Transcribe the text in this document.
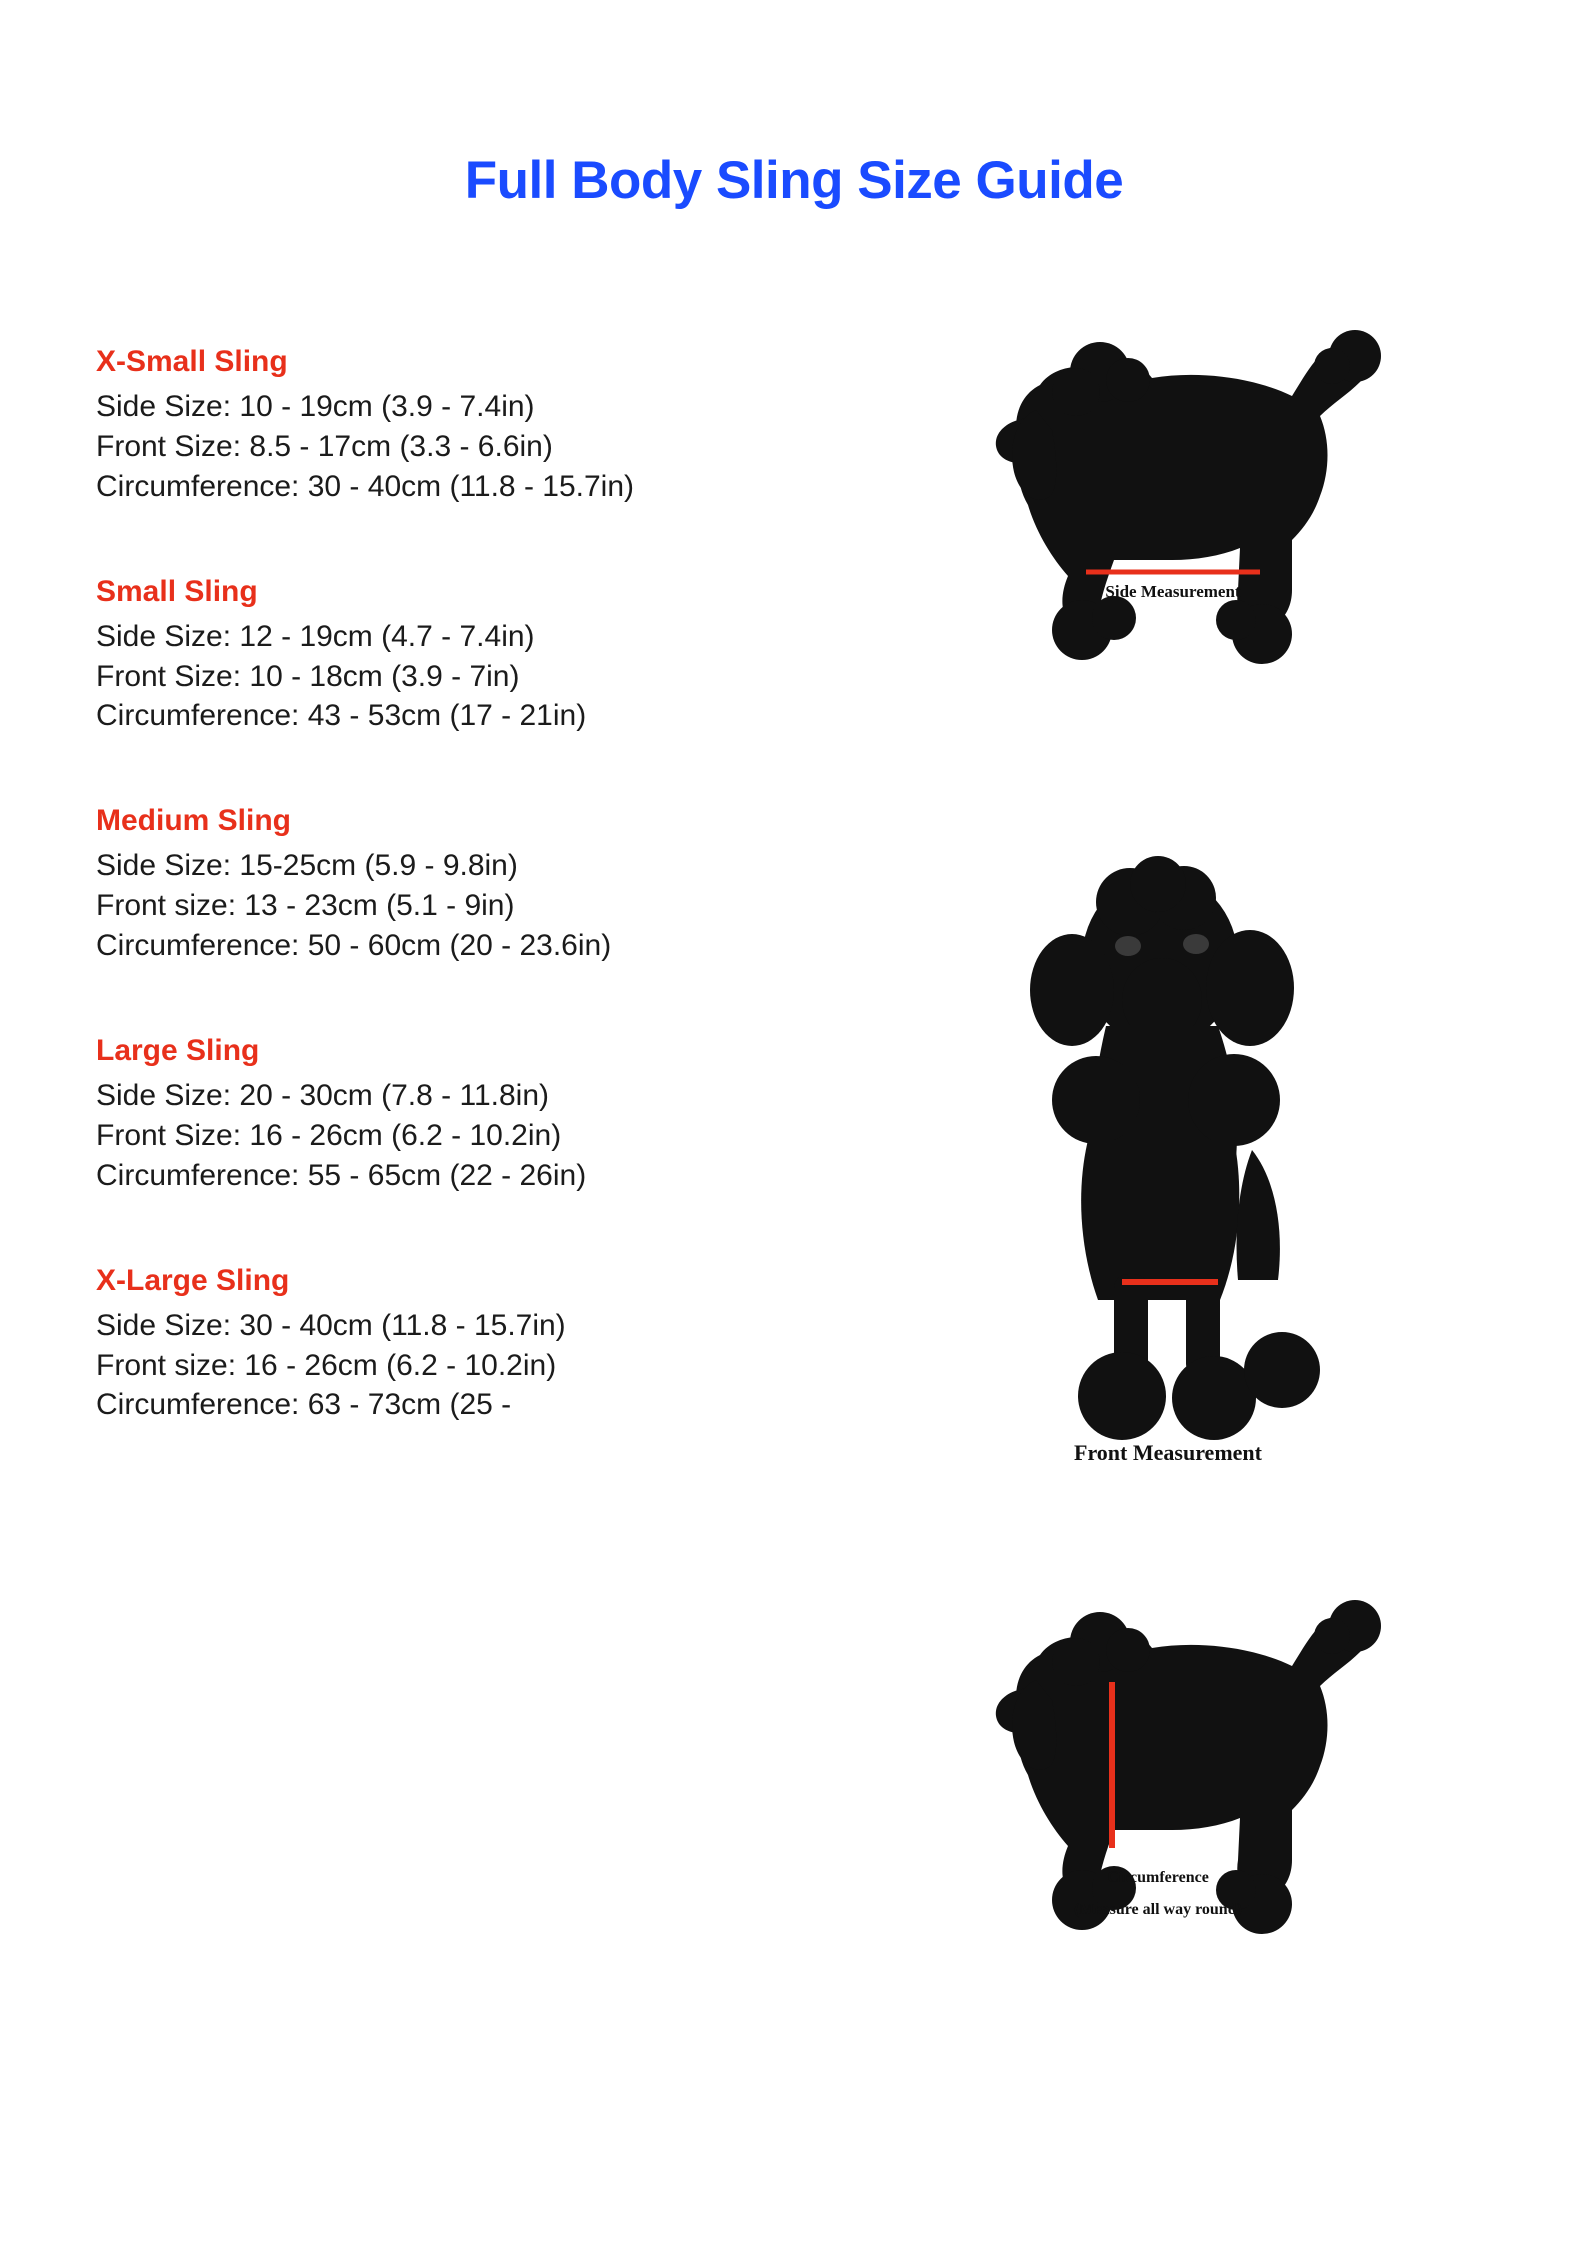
Full Body Sling Size Guide
X-Small Sling
Side Size: 10 - 19cm (3.9 - 7.4in)
Front Size: 8.5 - 17cm (3.3 - 6.6in)
Circumference: 30 - 40cm (11.8 - 15.7in)
Small Sling
Side Size: 12 - 19cm (4.7 - 7.4in)
Front Size: 10 - 18cm (3.9 - 7in)
Circumference: 43 - 53cm (17 - 21in)
Medium Sling
Side Size: 15-25cm (5.9 - 9.8in)
Front size: 13 - 23cm (5.1 - 9in)
Circumference: 50 - 60cm (20 - 23.6in)
Large Sling
Side Size: 20 - 30cm (7.8 - 11.8in)
Front Size: 16 - 26cm (6.2 - 10.2in)
Circumference: 55 - 65cm (22 - 26in)
X-Large Sling
Side Size: 30 - 40cm (11.8 - 15.7in)
Front size: 16 - 26cm (6.2 - 10.2in)
Circumference: 63 - 73cm (25 -
Side Measurement
Front Measurement
Circumference
(Measure all way round)
